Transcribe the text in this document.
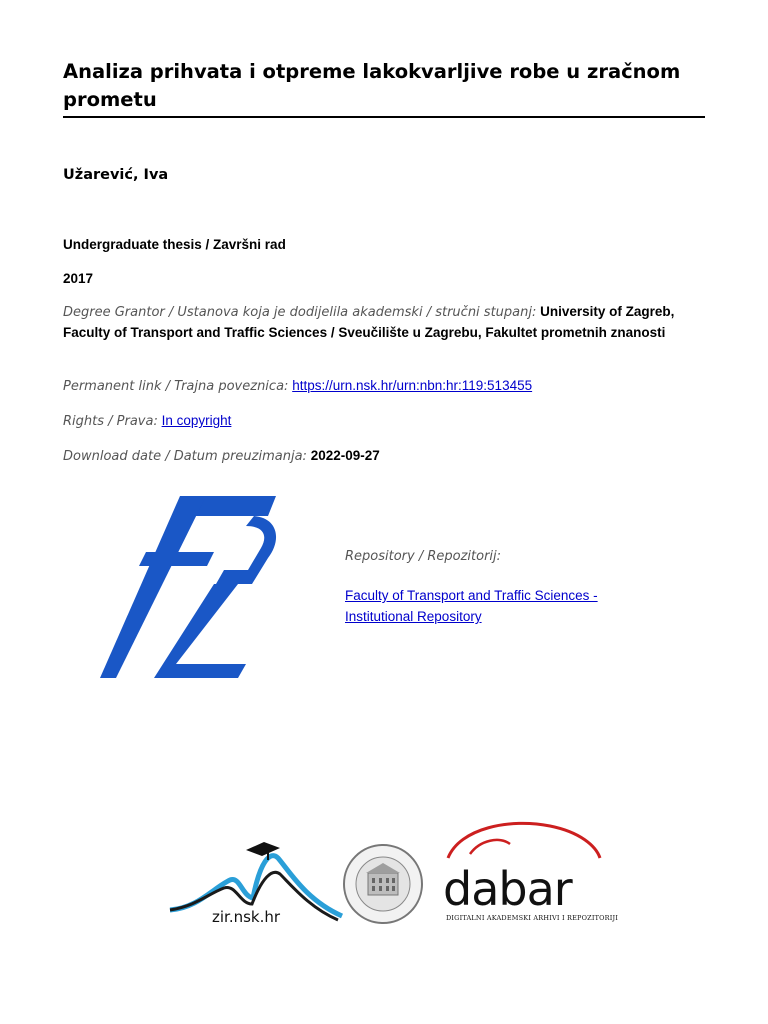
Analiza prihvata i otpreme lakokvarljive robe u zračnom prometu
Užarević, Iva
Undergraduate thesis / Završni rad
2017
Degree Grantor / Ustanova koja je dodijelila akademski / stručni stupanj: University of Zagreb, Faculty of Transport and Traffic Sciences / Sveučilište u Zagrebu, Fakultet prometnih znanosti
Permanent link / Trajna poveznica: https://urn.nsk.hr/urn:nbn:hr:119:513455
Rights / Prava: In copyright
Download date / Datum preuzimanja: 2022-09-27
Repository / Repozitorij:
Faculty of Transport and Traffic Sciences - Institutional Repository
zir.nsk.hr
dabar
DIGITALNI AKADEMSKI ARHIVI I REPOZITORIJI
